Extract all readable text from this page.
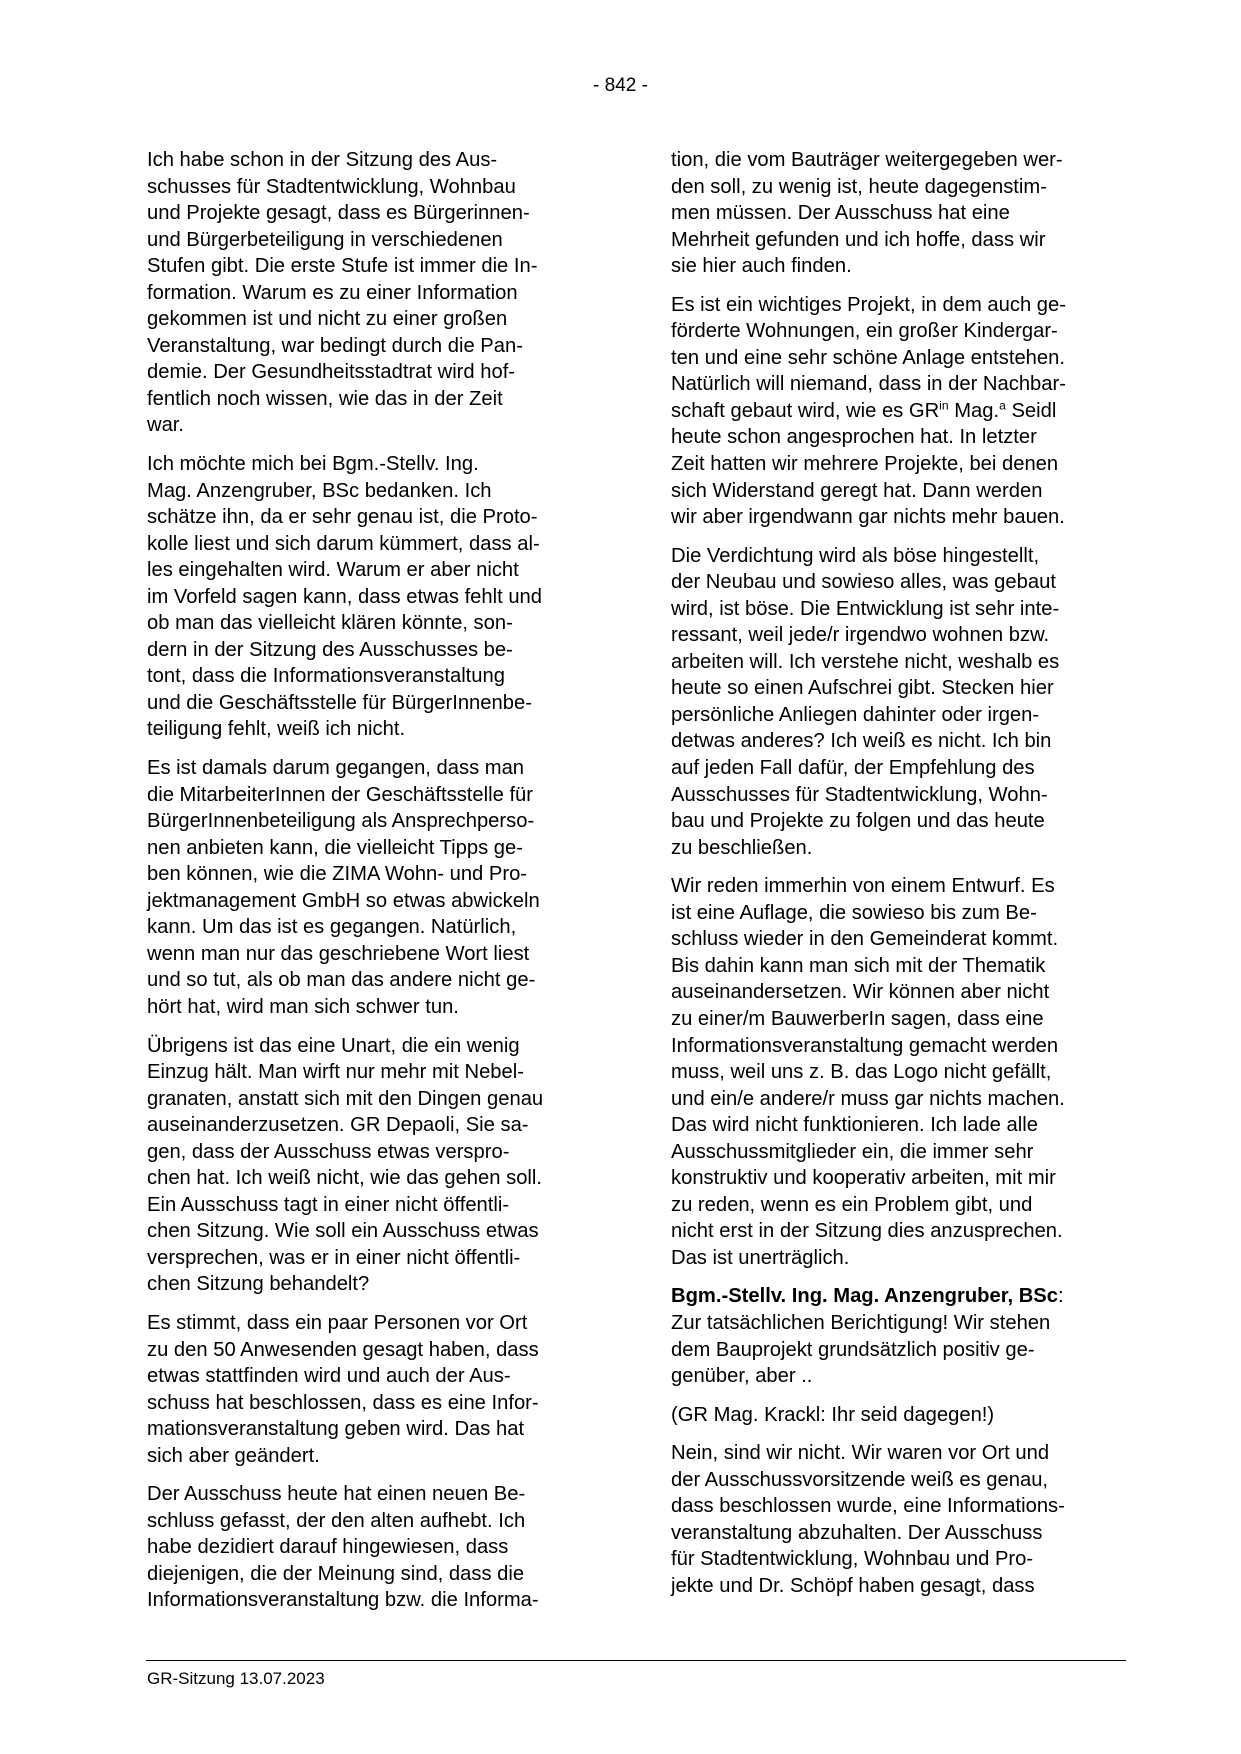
- 842 -
Ich habe schon in der Sitzung des Aus-
schusses für Stadtentwicklung, Wohnbau
und Projekte gesagt, dass es Bürgerinnen-
und Bürgerbeteiligung in verschiedenen
Stufen gibt. Die erste Stufe ist immer die In-
formation. Warum es zu einer Information
gekommen ist und nicht zu einer großen
Veranstaltung, war bedingt durch die Pan-
demie. Der Gesundheitsstadtrat wird hof-
fentlich noch wissen, wie das in der Zeit
war.
Ich möchte mich bei Bgm.-Stellv. Ing.
Mag. Anzengruber, BSc bedanken. Ich
schätze ihn, da er sehr genau ist, die Proto-
kolle liest und sich darum kümmert, dass al-
les eingehalten wird. Warum er aber nicht
im Vorfeld sagen kann, dass etwas fehlt und
ob man das vielleicht klären könnte, son-
dern in der Sitzung des Ausschusses be-
tont, dass die Informationsveranstaltung
und die Geschäftsstelle für BürgerInnenbe-
teiligung fehlt, weiß ich nicht.
Es ist damals darum gegangen, dass man
die MitarbeiterInnen der Geschäftsstelle für
BürgerInnenbeteiligung als Ansprechperso-
nen anbieten kann, die vielleicht Tipps ge-
ben können, wie die ZIMA Wohn- und Pro-
jektmanagement GmbH so etwas abwickeln
kann. Um das ist es gegangen. Natürlich,
wenn man nur das geschriebene Wort liest
und so tut, als ob man das andere nicht ge-
hört hat, wird man sich schwer tun.
Übrigens ist das eine Unart, die ein wenig
Einzug hält. Man wirft nur mehr mit Nebel-
granaten, anstatt sich mit den Dingen genau
auseinanderzusetzen. GR Depaoli, Sie sa-
gen, dass der Ausschuss etwas verspro-
chen hat. Ich weiß nicht, wie das gehen soll.
Ein Ausschuss tagt in einer nicht öffentli-
chen Sitzung. Wie soll ein Ausschuss etwas
versprechen, was er in einer nicht öffentli-
chen Sitzung behandelt?
Es stimmt, dass ein paar Personen vor Ort
zu den 50 Anwesenden gesagt haben, dass
etwas stattfinden wird und auch der Aus-
schuss hat beschlossen, dass es eine Infor-
mationsveranstaltung geben wird. Das hat
sich aber geändert.
Der Ausschuss heute hat einen neuen Be-
schluss gefasst, der den alten aufhebt. Ich
habe dezidiert darauf hingewiesen, dass
diejenigen, die der Meinung sind, dass die
Informationsveranstaltung bzw. die Informa-
tion, die vom Bauträger weitergegeben wer-
den soll, zu wenig ist, heute dagegenstim-
men müssen. Der Ausschuss hat eine
Mehrheit gefunden und ich hoffe, dass wir
sie hier auch finden.
Es ist ein wichtiges Projekt, in dem auch ge-
förderte Wohnungen, ein großer Kindergar-
ten und eine sehr schöne Anlage entstehen.
Natürlich will niemand, dass in der Nachbar-
schaft gebaut wird, wie es $GR^{in}$ Mag.$^a$ Seidl
heute schon angesprochen hat. In letzter
Zeit hatten wir mehrere Projekte, bei denen
sich Widerstand geregt hat. Dann werden
wir aber irgendwann gar nichts mehr bauen.
Die Verdichtung wird als böse hingestellt,
der Neubau und sowieso alles, was gebaut
wird, ist böse. Die Entwicklung ist sehr inte-
ressant, weil jede/r irgendwo wohnen bzw.
arbeiten will. Ich verstehe nicht, weshalb es
heute so einen Aufschrei gibt. Stecken hier
persönliche Anliegen dahinter oder irgen-
detwas anderes? Ich weiß es nicht. Ich bin
auf jeden Fall dafür, der Empfehlung des
Ausschusses für Stadtentwicklung, Wohn-
bau und Projekte zu folgen und das heute
zu beschließen.
Wir reden immerhin von einem Entwurf. Es
ist eine Auflage, die sowieso bis zum Be-
schluss wieder in den Gemeinderat kommt.
Bis dahin kann man sich mit der Thematik
auseinandersetzen. Wir können aber nicht
zu einer/m BauwerberIn sagen, dass eine
Informationsveranstaltung gemacht werden
muss, weil uns z. B. das Logo nicht gefällt,
und ein/e andere/r muss gar nichts machen.
Das wird nicht funktionieren. Ich lade alle
Ausschussmitglieder ein, die immer sehr
konstruktiv und kooperativ arbeiten, mit mir
zu reden, wenn es ein Problem gibt, und
nicht erst in der Sitzung dies anzusprechen.
Das ist unerträglich.
Bgm.-Stellv. Ing. Mag. Anzengruber, BSc:
Zur tatsächlichen Berichtigung! Wir stehen
dem Bauprojekt grundsätzlich positiv ge-
genüber, aber ..
(GR Mag. Krackl: Ihr seid dagegen!)
Nein, sind wir nicht. Wir waren vor Ort und
der Ausschussvorsitzende weiß es genau,
dass beschlossen wurde, eine Informations-
veranstaltung abzuhalten. Der Ausschuss
für Stadtentwicklung, Wohnbau und Pro-
jekte und Dr. Schöpf haben gesagt, dass
GR-Sitzung 13.07.2023
